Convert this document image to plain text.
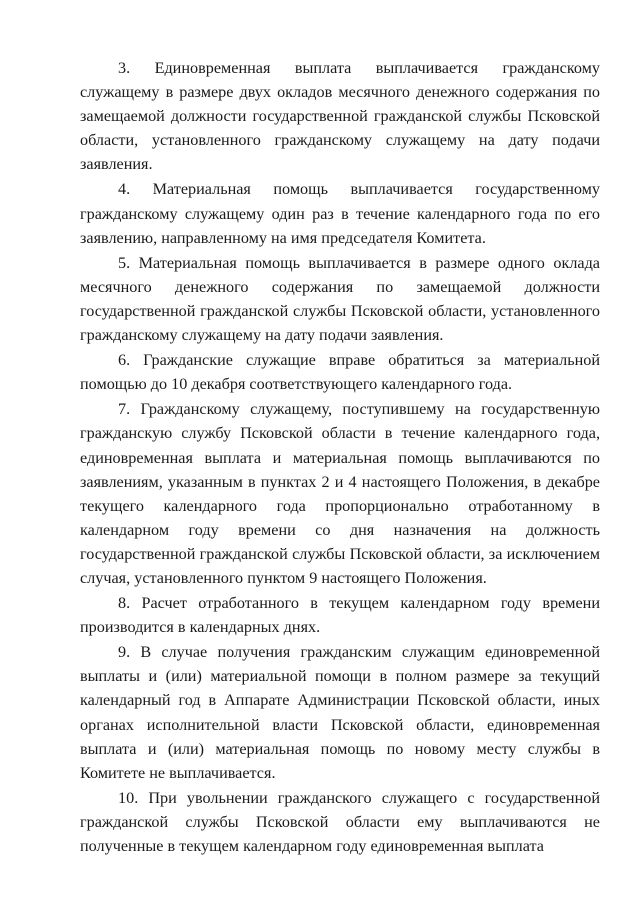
3. Единовременная выплата выплачивается гражданскому служащему в размере двух окладов месячного денежного содержания по замещаемой должности государственной гражданской службы Псковской области, установленного гражданскому служащему на дату подачи заявления.

4. Материальная помощь выплачивается государственному гражданскому служащему один раз в течение календарного года по его заявлению, направленному на имя председателя Комитета.

5. Материальная помощь выплачивается в размере одного оклада месячного денежного содержания по замещаемой должности государственной гражданской службы Псковской области, установленного гражданскому служащему на дату подачи заявления.

6. Гражданские служащие вправе обратиться за материальной помощью до 10 декабря соответствующего календарного года.

7. Гражданскому служащему, поступившему на государственную гражданскую службу Псковской области в течение календарного года, единовременная выплата и материальная помощь выплачиваются по заявлениям, указанным в пунктах 2 и 4 настоящего Положения, в декабре текущего календарного года пропорционально отработанному в календарном году времени со дня назначения на должность государственной гражданской службы Псковской области, за исключением случая, установленного пунктом 9 настоящего Положения.

8. Расчет отработанного в текущем календарном году времени производится в календарных днях.

9. В случае получения гражданским служащим единовременной выплаты и (или) материальной помощи в полном размере за текущий календарный год в Аппарате Администрации Псковской области, иных органах исполнительной власти Псковской области, единовременная выплата и (или) материальная помощь по новому месту службы в Комитете не выплачивается.

10. При увольнении гражданского служащего с государственной гражданской службы Псковской области ему выплачиваются не полученные в текущем календарном году единовременная выплата
